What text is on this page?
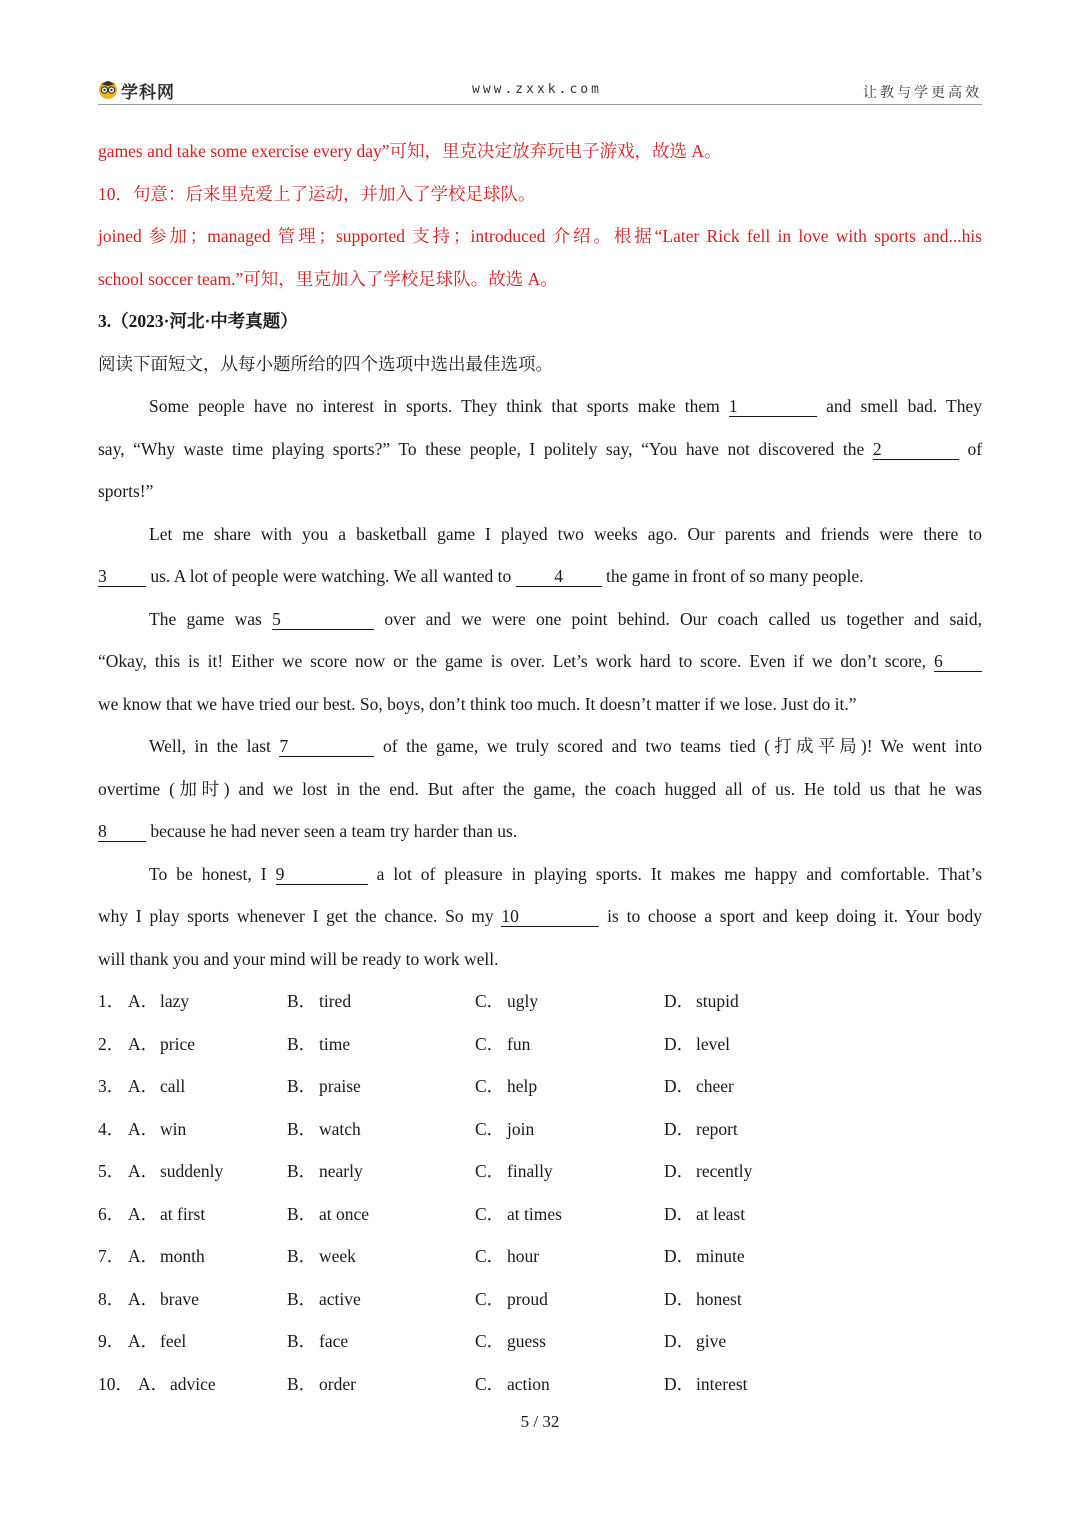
学科网	www.zxxk.com	让教与学更高效
games and take some exercise every day”可知，里克决定放弃玩电子游戏，故选 A。
10．句意：后来里克爱上了运动，并加入了学校足球队。
joined 参加；managed 管理；supported 支持；introduced 介绍。根据“Later Rick fell in love with sports and...his
school soccer team.”可知，里克加入了学校足球队。故选 A。
3.（2023·河北·中考真题）
阅读下面短文，从每小题所给的四个选项中选出最佳选项。
Some people have no interest in sports. They think that sports make them 1	and smell bad. They
say, “Why waste time playing sports?” To these people, I politely say, “You have not discovered the 2	of
sports!”
Let me share with you a basketball game I played two weeks ago. Our parents and friends were there to
3 us. A lot of people were watching. We all wanted to 4 the game in front of so many people.
The game was 5	over and we were one point behind. Our coach called us together and said,
“Okay, this is it! Either we score now or the game is over. Let’s work hard to score. Even if we don’t score, 6
we know that we have tried our best. So, boys, don’t think too much. It doesn’t matter if we lose. Just do it.”
Well, in the last 7	of the game, we truly scored and two teams tied (打成平局)! We went into
overtime (加时) and we lost in the end. But after the game, the coach hugged all of us. He told us that he was
8 because he had never seen a team try harder than us.
To be honest, I 9	a lot of pleasure in playing sports. It makes me happy and comfortable. That’s
why I play sports whenever I get the chance. So my 10	is to choose a sport and keep doing it. Your body
will thank you and your mind will be ready to work well.
1． A． lazy	B． tired	C． ugly	D． stupid
2． A． price	B． time	C． fun	D． level
3． A． call	B． praise	C． help	D． cheer
4． A． win	B． watch	C． join	D． report
5． A． suddenly	B． nearly	C． finally	D． recently
6． A． at first	B． at once	C． at times	D． at least
7． A． month	B． week	C． hour	D． minute
8． A． brave	B． active	C． proud	D． honest
9． A． feel	B． face	C． guess	D． give
10． A． advice	B． order	C． action	D． interest
5 / 32
